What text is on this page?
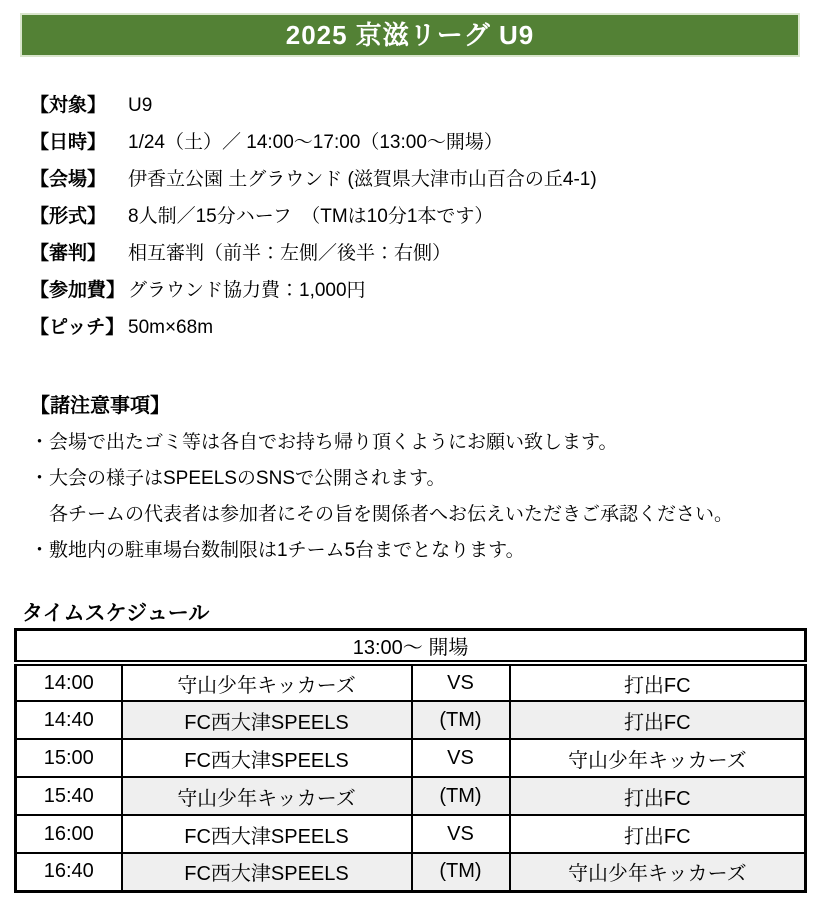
2025 京滋リーグ U9
【対象】	U9
【日時】	1/24（土）／ 14:00～17:00（13:00～開場）
【会場】	伊香立公園 土グラウンド (滋賀県大津市山百合の丘4-1)
【形式】	8人制／15分ハーフ　（TMは10分1本です）
【審判】	相互審判（前半：左側／後半：右側）
【参加費】 グラウンド協力費：1,000円
【ピッチ】 50m×68m
【諸注意事項】

・会場で出たゴミ等は各自でお持ち帰り頂くようにお願い致します。

・大会の様子はSPEELSのSNSで公開されます。

各チームの代表者は参加者にその旨を関係者へお伝えいただきご承認ください。

・敷地内の駐車場台数制限は1チーム5台までとなります。

タイムスケジュール
13:00～ 開場			
14:00	守山少年キッカーズ	VS	打出FC
14:40	FC西大津SPEELS	(TM)	打出FC
15:00	FC西大津SPEELS	VS	守山少年キッカーズ
15:40	守山少年キッカーズ	(TM)	打出FC
16:00	FC西大津SPEELS	VS	打出FC
16:40	FC西大津SPEELS	(TM)	守山少年キッカーズ
